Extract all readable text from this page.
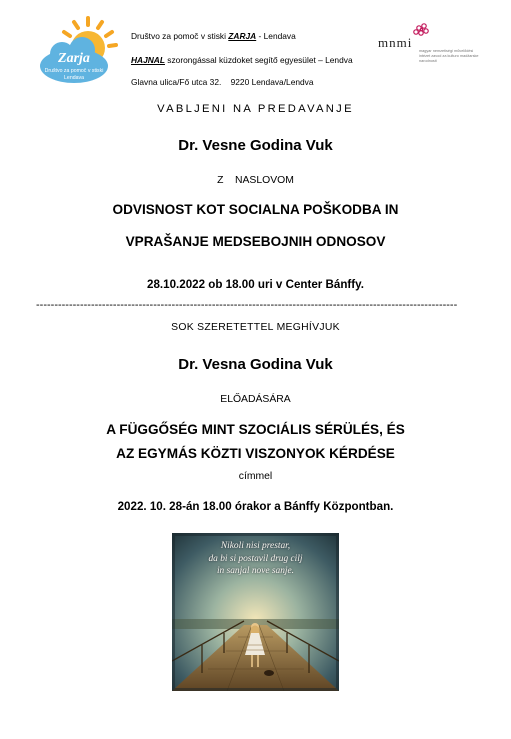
Zarja
Društvo za pomoč v stiski
Lendava
Društvo za pomoč v stiski ZARJA - Lendava
HAJNAL szorongással küzdoket segítő egyesület – Lendva
Glavna ulica/Fő utca 32.    9220 Lendava/Lendva
mnmi
magyar nemzetiségi művelődési intézet zavod za kulturo madžarske narodnosti
VABLJENI NA PREDAVANJE
Dr. Vesne Godina Vuk
Z    NASLOVOM
ODVISNOST KOT SOCIALNA POŠKODBA IN
VPRAŠANJE MEDSEBOJNIH ODNOSOV
28.10.2022 ob 18.00 uri v Center Bánffy.
-------------------------------------------------------------------------------------------------------------------
SOK SZERETETTEL MEGHÍVJUK
Dr. Vesna Godina Vuk
ELŐADÁSÁRA
A FÜGGŐSÉG MINT SZOCIÁLIS SÉRÜLÉS, ÉS
AZ EGYMÁS KÖZTI VISZONYOK KÉRDÉSE
címmel
2022. 10. 28-án 18.00 órakor a Bánffy Központban.
Nikoli nisi prestar,
da bi si postavil drug cilj
in sanjal nove sanje.
